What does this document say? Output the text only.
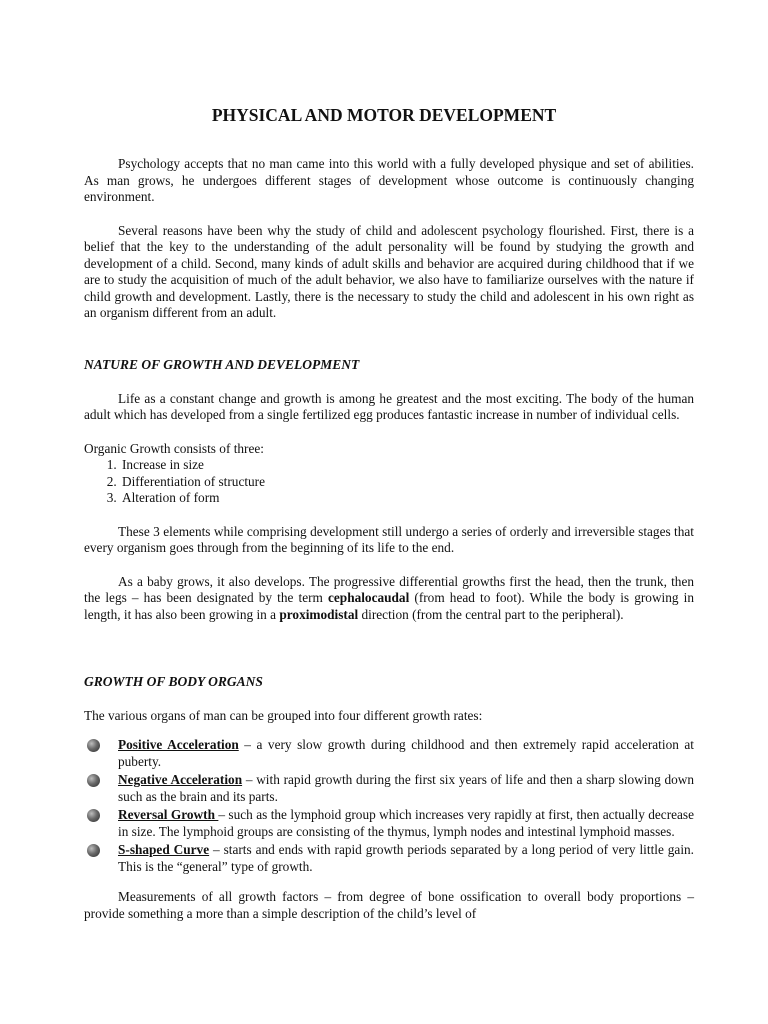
PHYSICAL AND MOTOR DEVELOPMENT

Psychology accepts that no man came into this world with a fully developed physique and set of abilities. As man grows, he undergoes different stages of development whose outcome is continuously changing environment.

Several reasons have been why the study of child and adolescent psychology flourished. First, there is a belief that the key to the understanding of the adult personality will be found by studying the growth and development of a child. Second, many kinds of adult skills and behavior are acquired during childhood that if we are to study the acquisition of much of the adult behavior, we also have to familiarize ourselves with the nature if child growth and development. Lastly, there is the necessary to study the child and adolescent in his own right as an organism different from an adult.

NATURE OF GROWTH AND DEVELOPMENT

Life as a constant change and growth is among he greatest and the most exciting. The body of the human adult which has developed from a single fertilized egg produces fantastic increase in number of individual cells.

Organic Growth consists of three:

1. Increase in size
2. Differentiation of structure
3. Alteration of form

These 3 elements while comprising development still undergo a series of orderly and irreversible stages that every organism goes through from the beginning of its life to the end.

As a baby grows, it also develops. The progressive differential growths first the head, then the trunk, then the legs – has been designated by the term cephalocaudal (from head to foot). While the body is growing in length, it has also been growing in a proximodistal direction (from the central part to the peripheral).

GROWTH OF BODY ORGANS

The various organs of man can be grouped into four different growth rates:

Positive Acceleration – a very slow growth during childhood and then extremely rapid acceleration at puberty.
Negative Acceleration – with rapid growth during the first six years of life and then a sharp slowing down such as the brain and its parts.
Reversal Growth – such as the lymphoid group which increases very rapidly at first, then actually decrease in size. The lymphoid groups are consisting of the thymus, lymph nodes and intestinal lymphoid masses.
S-shaped Curve – starts and ends with rapid growth periods separated by a long period of very little gain. This is the “general” type of growth.

Measurements of all growth factors – from degree of bone ossification to overall body proportions – provide something a more than a simple description of the child’s level of
